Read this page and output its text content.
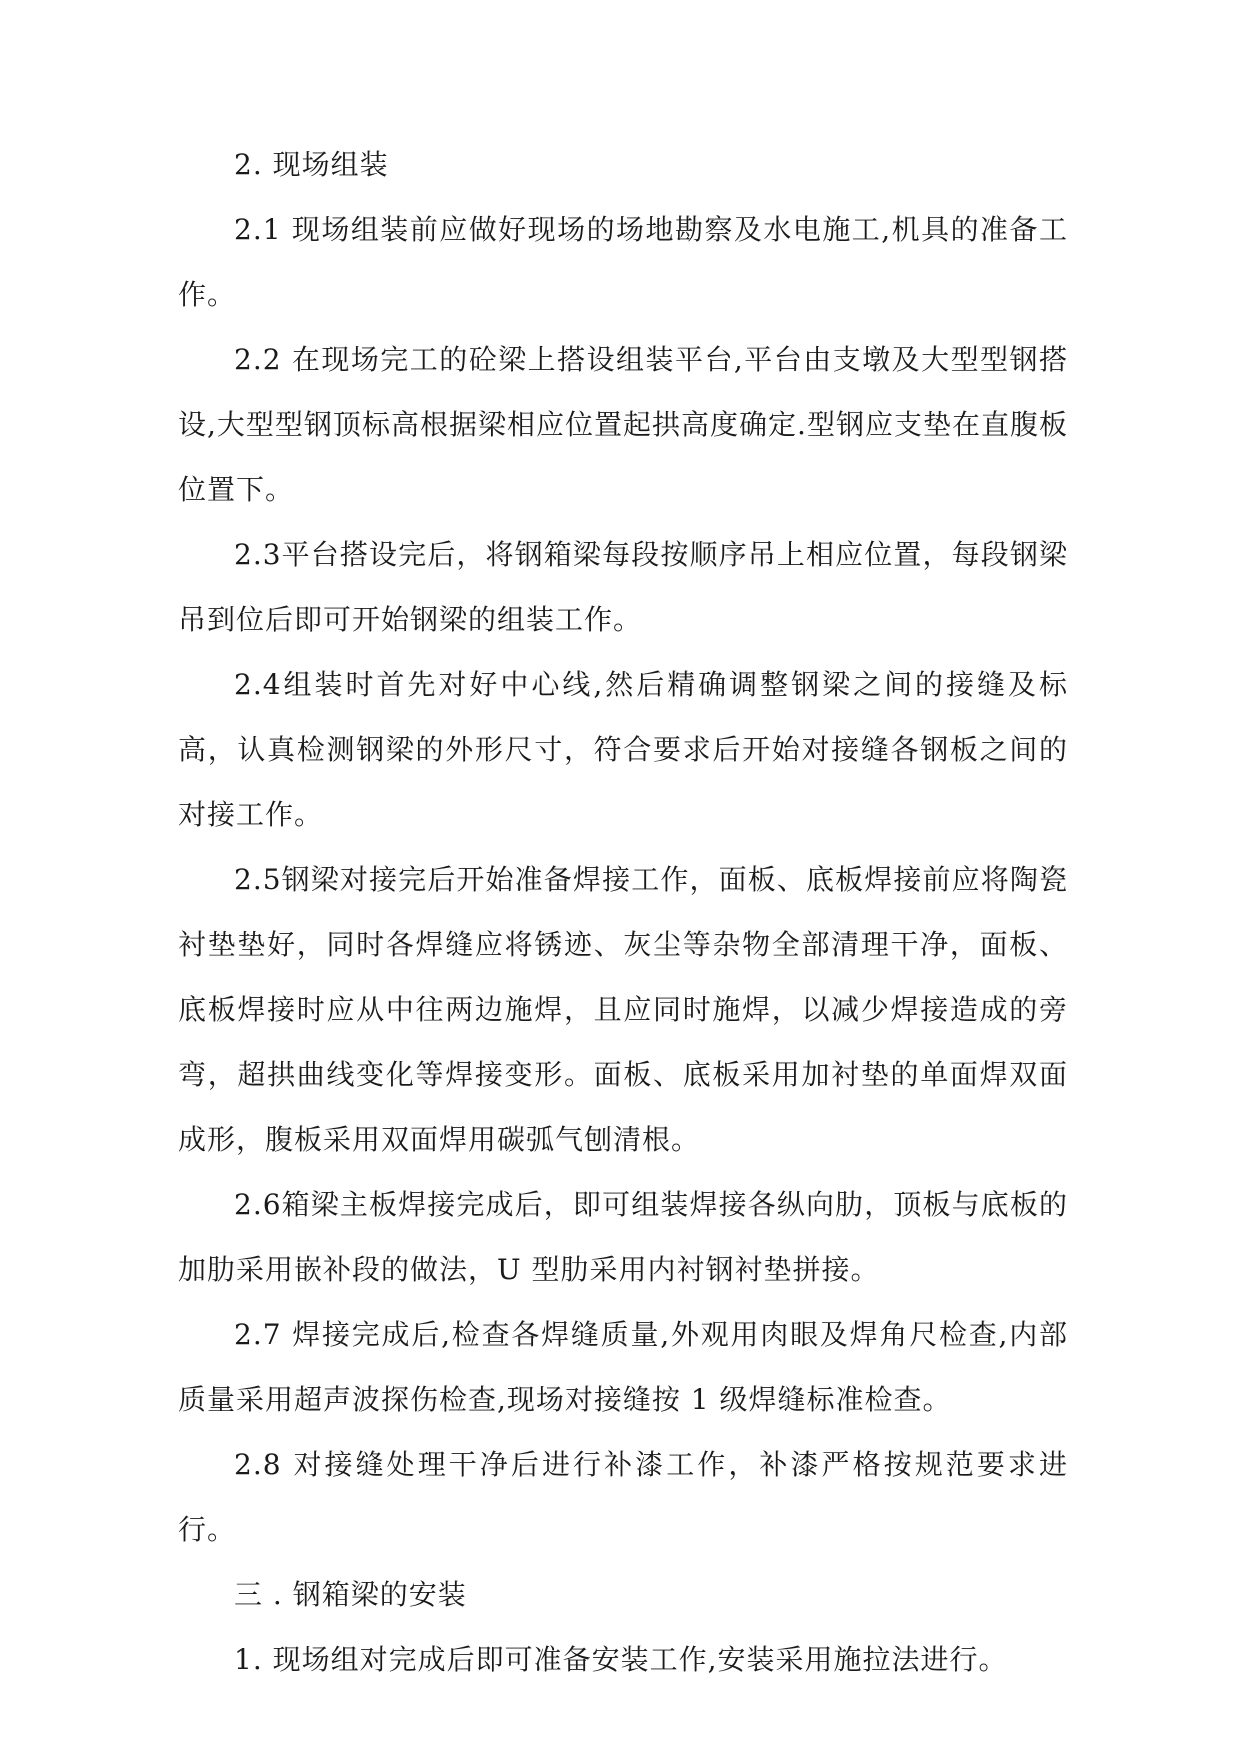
2. 现场组装

2.1 现场组装前应做好现场的场地勘察及水电施工,机具的准备工作。

2.2 在现场完工的砼梁上搭设组装平台,平台由支墩及大型型钢搭设,大型型钢顶标高根据梁相应位置起拱高度确定.型钢应支垫在直腹板位置下。

2.3平台搭设完后，将钢箱梁每段按顺序吊上相应位置，每段钢梁吊到位后即可开始钢梁的组装工作。

2.4组装时首先对好中心线,然后精确调整钢梁之间的接缝及标高，认真检测钢梁的外形尺寸，符合要求后开始对接缝各钢板之间的对接工作。

2.5钢梁对接完后开始准备焊接工作，面板、底板焊接前应将陶瓷衬垫垫好，同时各焊缝应将锈迹、灰尘等杂物全部清理干净，面板、底板焊接时应从中往两边施焊，且应同时施焊，以减少焊接造成的旁弯，超拱曲线变化等焊接变形。面板、底板采用加衬垫的单面焊双面成形，腹板采用双面焊用碳弧气刨清根。

2.6箱梁主板焊接完成后，即可组装焊接各纵向肋，顶板与底板的加肋采用嵌补段的做法，U 型肋采用内衬钢衬垫拼接。

2.7 焊接完成后,检查各焊缝质量,外观用肉眼及焊角尺检查,内部质量采用超声波探伤检查,现场对接缝按 1 级焊缝标准检查。

2.8 对接缝处理干净后进行补漆工作，补漆严格按规范要求进行。

三 . 钢箱梁的安装

1. 现场组对完成后即可准备安装工作,安装采用施拉法进行。
